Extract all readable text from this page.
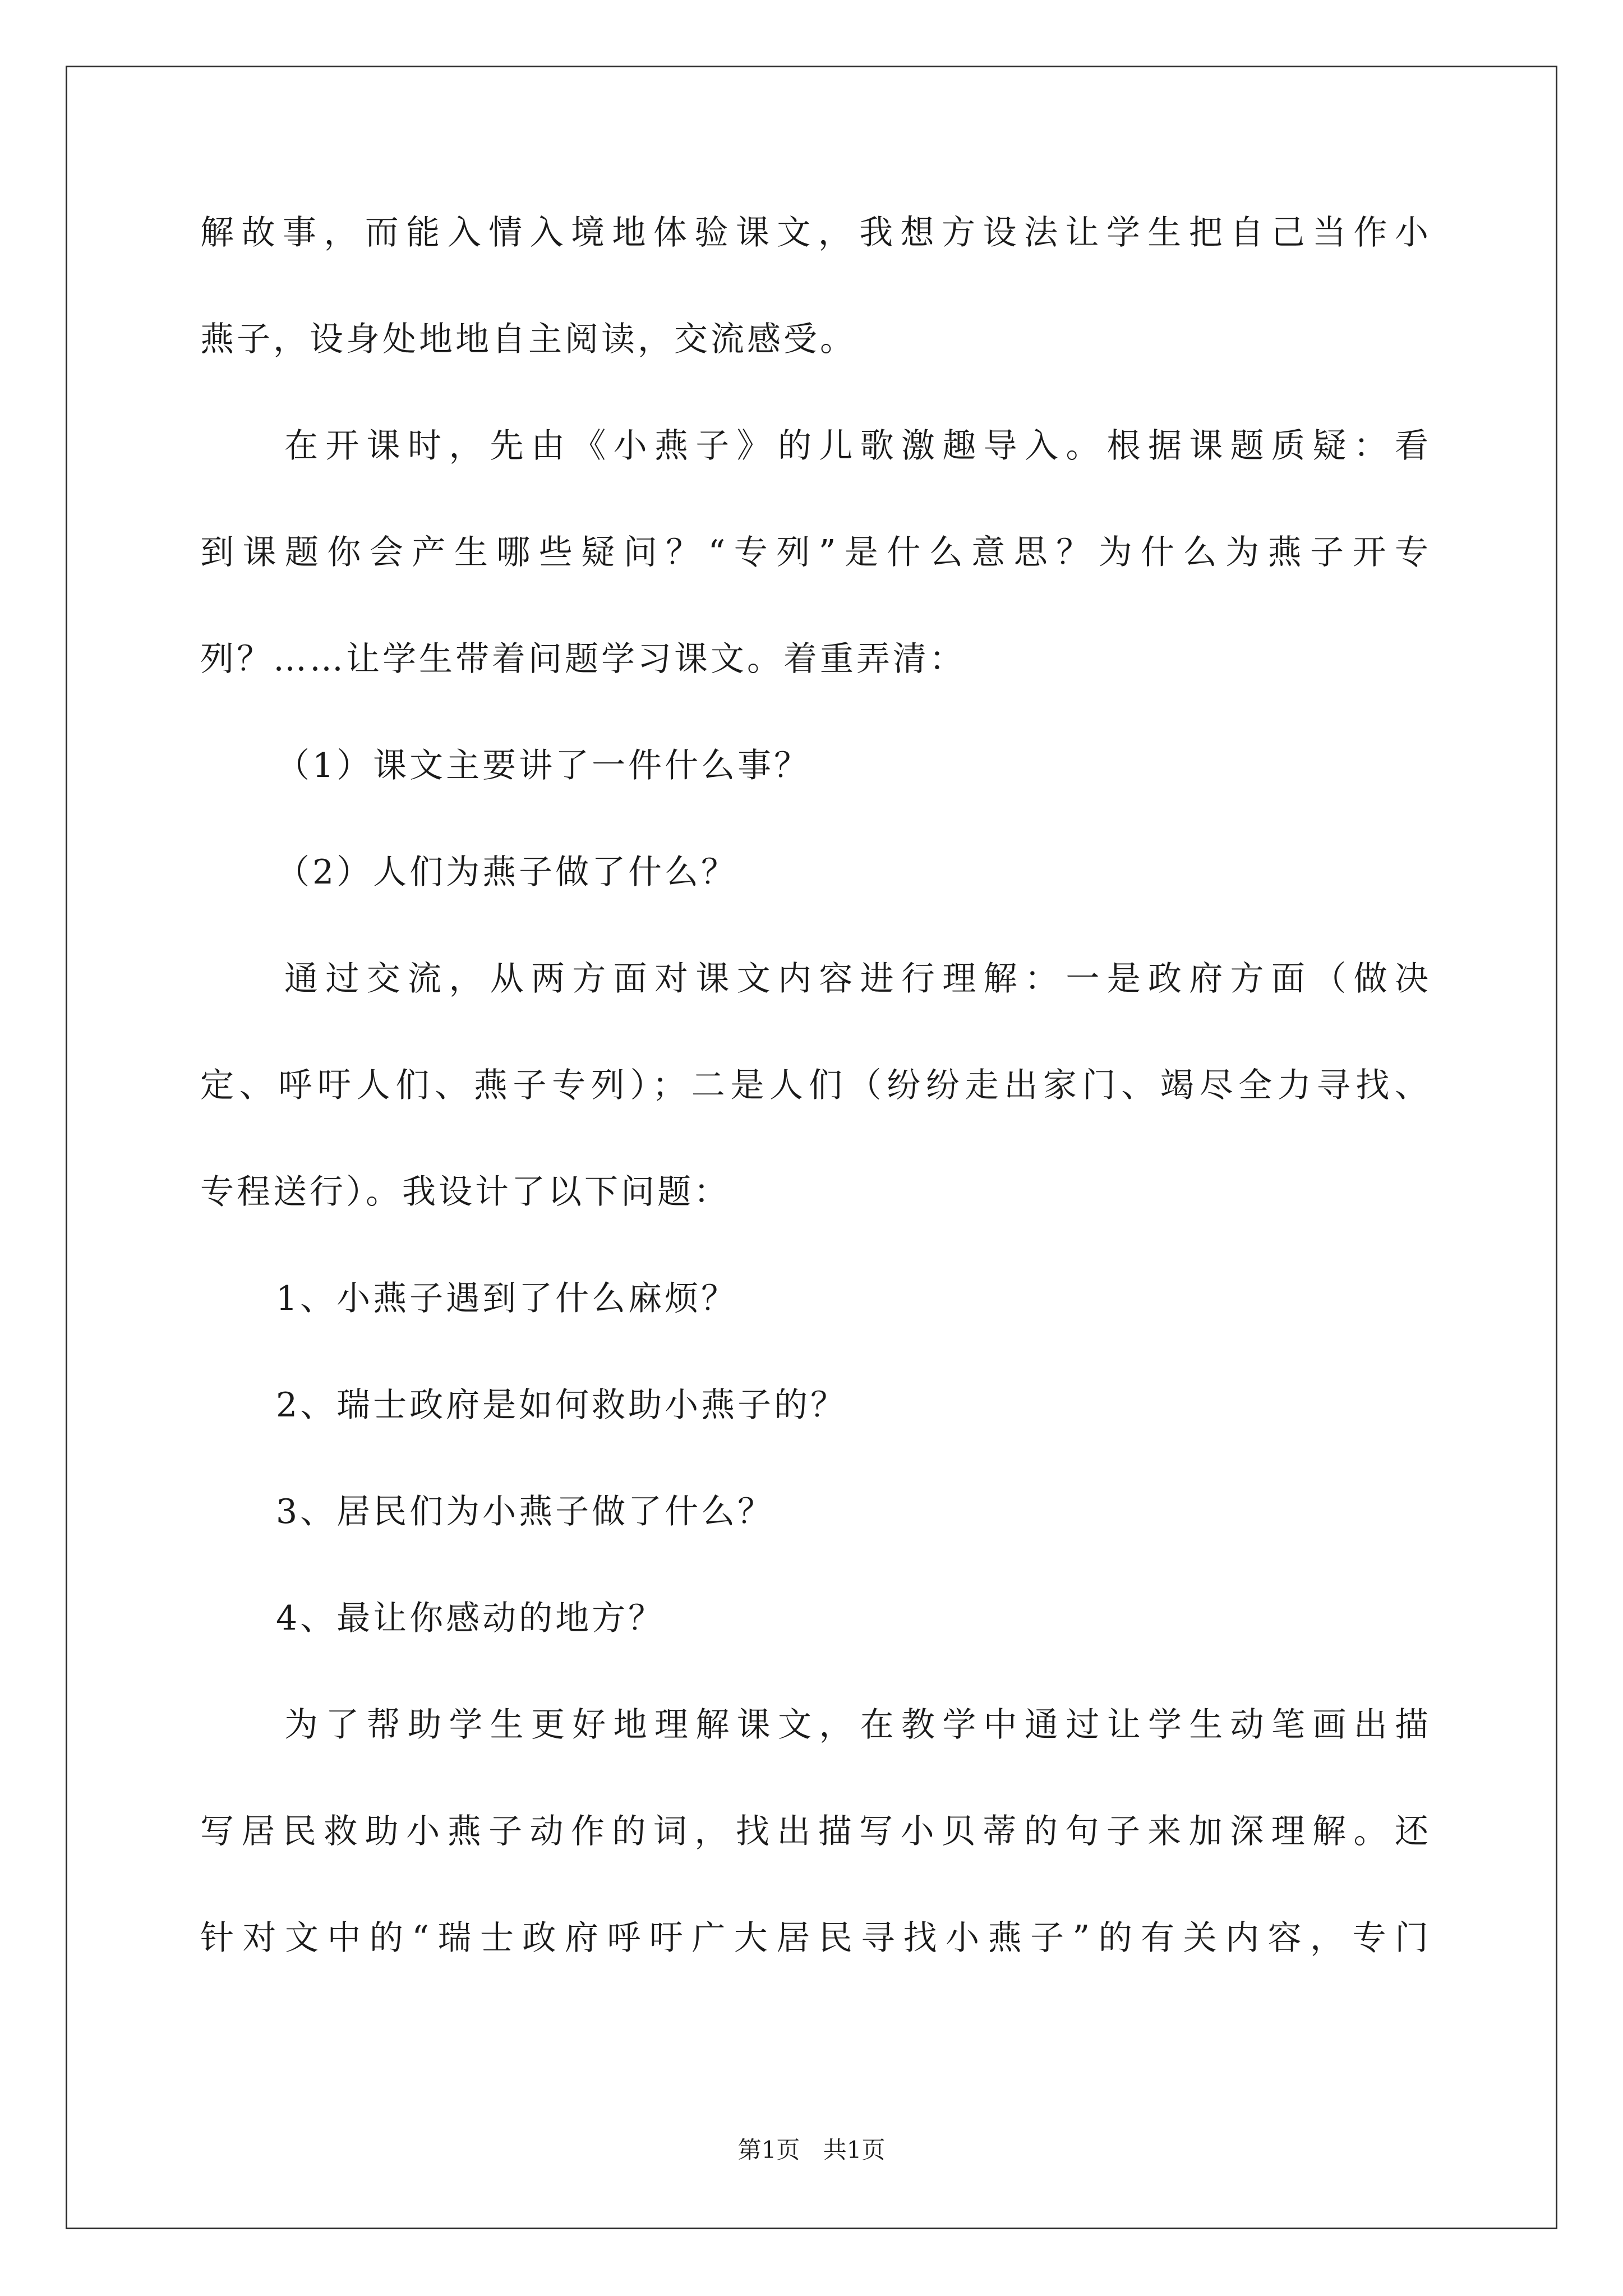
解故事，而能入情入境地体验课文，我想方设法让学生把自己当作小
燕子，设身处地地自主阅读，交流感受。
在开课时，先由《小燕子》的儿歌激趣导入。根据课题质疑：看
到课题你会产生哪些疑问？“专列”是什么意思？为什么为燕子开专
列？……让学生带着问题学习课文。着重弄清：
（1）课文主要讲了一件什么事？
（2）人们为燕子做了什么？
通过交流，从两方面对课文内容进行理解：一是政府方面（做决
定、呼吁人们、燕子专列）；二是人们（纷纷走出家门、竭尽全力寻找、
专程送行）。我设计了以下问题：
1、小燕子遇到了什么麻烦？
2、瑞士政府是如何救助小燕子的？
3、居民们为小燕子做了什么？
4、最让你感动的地方？
为了帮助学生更好地理解课文，在教学中通过让学生动笔画出描
写居民救助小燕子动作的词，找出描写小贝蒂的句子来加深理解。还
针对文中的“瑞士政府呼吁广大居民寻找小燕子”的有关内容，专门
第1页 共1页
